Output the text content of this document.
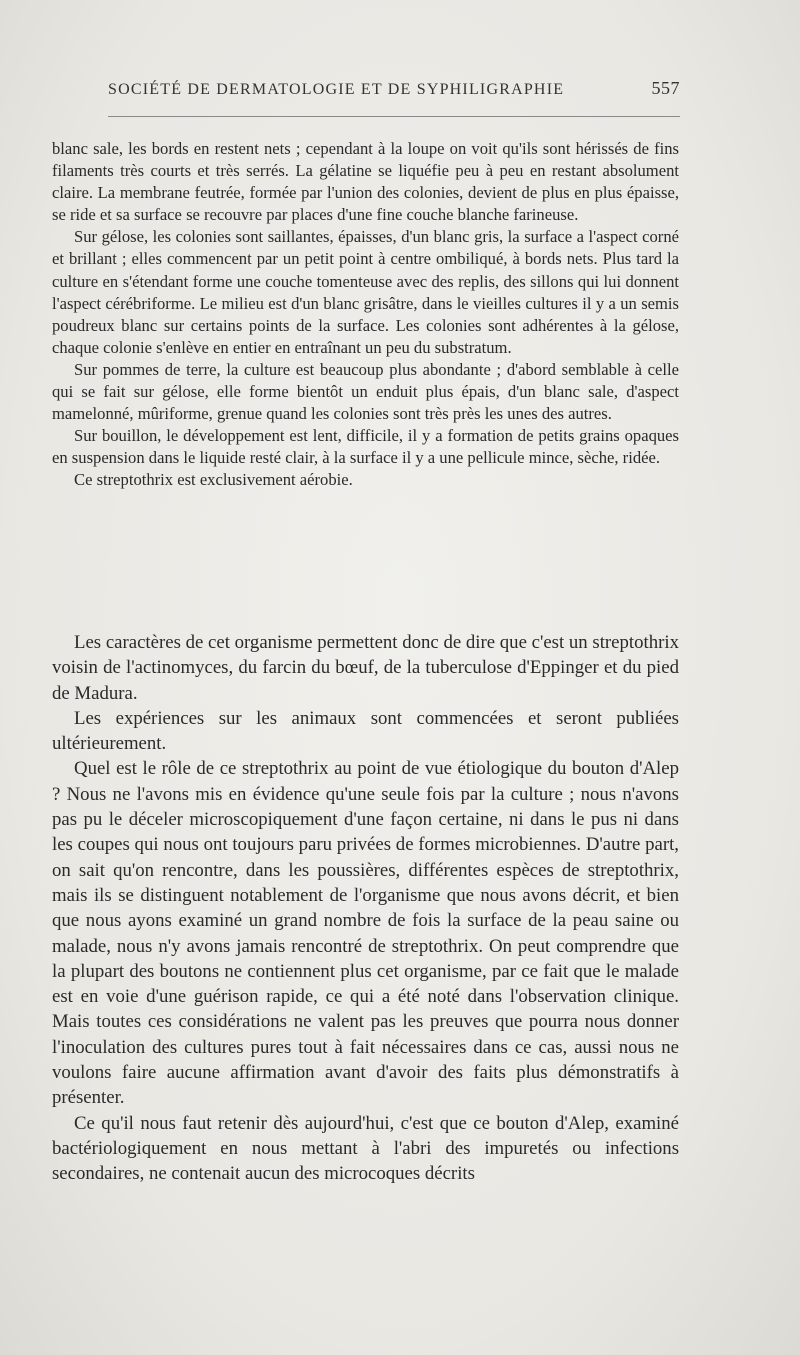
SOCIÉTÉ DE DERMATOLOGIE ET DE SYPHILIGRAPHIE	557

blanc sale, les bords en restent nets ; cependant à la loupe on voit qu'ils sont hérissés de fins filaments très courts et très serrés. La gélatine se liquéfie peu à peu en restant absolument claire. La membrane feutrée, formée par l'union des colonies, devient de plus en plus épaisse, se ride et sa surface se recouvre par places d'une fine couche blanche farineuse.

Sur gélose, les colonies sont saillantes, épaisses, d'un blanc gris, la surface a l'aspect corné et brillant ; elles commencent par un petit point à centre ombiliqué, à bords nets. Plus tard la culture en s'étendant forme une couche tomenteuse avec des replis, des sillons qui lui donnent l'aspect cérébriforme. Le milieu est d'un blanc grisâtre, dans le vieilles cultures il y a un semis poudreux blanc sur certains points de la surface. Les colonies sont adhérentes à la gélose, chaque colonie s'enlève en entier en entraînant un peu du substratum.

Sur pommes de terre, la culture est beaucoup plus abondante ; d'abord semblable à celle qui se fait sur gélose, elle forme bientôt un enduit plus épais, d'un blanc sale, d'aspect mamelonné, mûriforme, grenue quand les colonies sont très près les unes des autres.

Sur bouillon, le développement est lent, difficile, il y a formation de petits grains opaques en suspension dans le liquide resté clair, à la surface il y a une pellicule mince, sèche, ridée.

Ce streptothrix est exclusivement aérobie.

Les caractères de cet organisme permettent donc de dire que c'est un streptothrix voisin de l'actinomyces, du farcin du bœuf, de la tuberculose d'Eppinger et du pied de Madura.

Les expériences sur les animaux sont commencées et seront publiées ultérieurement.

Quel est le rôle de ce streptothrix au point de vue étiologique du bouton d'Alep ? Nous ne l'avons mis en évidence qu'une seule fois par la culture ; nous n'avons pas pu le déceler microscopiquement d'une façon certaine, ni dans le pus ni dans les coupes qui nous ont toujours paru privées de formes microbiennes. D'autre part, on sait qu'on rencontre, dans les poussières, différentes espèces de streptothrix, mais ils se distinguent notablement de l'organisme que nous avons décrit, et bien que nous ayons examiné un grand nombre de fois la surface de la peau saine ou malade, nous n'y avons jamais rencontré de streptothrix. On peut comprendre que la plupart des boutons ne contiennent plus cet organisme, par ce fait que le malade est en voie d'une guérison rapide, ce qui a été noté dans l'observation clinique. Mais toutes ces considérations ne valent pas les preuves que pourra nous donner l'inoculation des cultures pures tout à fait nécessaires dans ce cas, aussi nous ne voulons faire aucune affirmation avant d'avoir des faits plus démonstratifs à présenter.

Ce qu'il nous faut retenir dès aujourd'hui, c'est que ce bouton d'Alep, examiné bactériologiquement en nous mettant à l'abri des impuretés ou infections secondaires, ne contenait aucun des microcoques décrits
